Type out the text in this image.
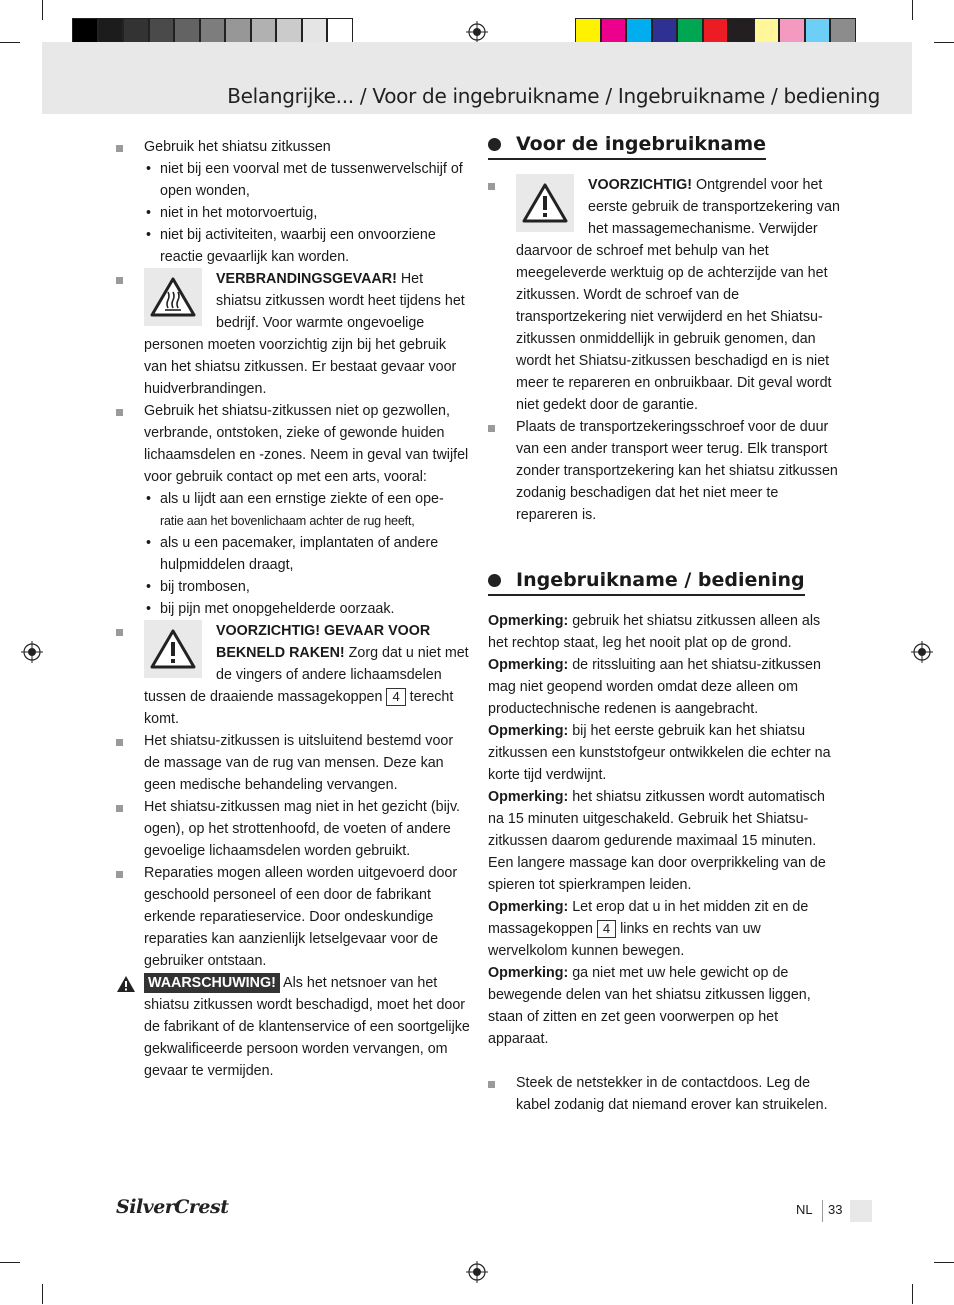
Belangrijke... / Voor de ingebruikname / Ingebruikname / bediening
Gebruik het shiatsu zitkussen
• niet bij een voorval met de tussenwervelschijf of open wonden,
• niet in het motorvoertuig,
• niet bij activiteiten, waarbij een onvoorziene reactie gevaarlijk kan worden.
VERBRANDINGSGEVAAR! Het shiatsu zitkussen wordt heet tijdens het bedrijf. Voor warmte ongevoelige personen moeten voorzichtig zijn bij het gebruik van het shiatsu zitkussen. Er bestaat gevaar voor huidverbrandingen.
Gebruik het shiatsu-zitkussen niet op gezwollen, verbrande, ontstoken, zieke of gewonde huiden lichaamsdelen en -zones. Neem in geval van twijfel voor gebruik contact op met een arts, vooral:
• als u lijdt aan een ernstige ziekte of een ope-
ratie aan het bovenlichaam achter de rug heeft,
• als u een pacemaker, implantaten of andere hulpmiddelen draagt,
• bij trombosen,
• bij pijn met onopgehelderde oorzaak.
VOORZICHTIG! GEVAAR VOOR BEKNELD RAKEN! Zorg dat u niet met de vingers of andere lichaamsdelen tussen de draaiende massagekoppen 4 terecht komt.
Het shiatsu-zitkussen is uitsluitend bestemd voor de massage van de rug van mensen. Deze kan geen medische behandeling vervangen.
Het shiatsu-zitkussen mag niet in het gezicht (bijv. ogen), op het strottenhoofd, de voeten of andere gevoelige lichaamsdelen worden gebruikt.
Reparaties mogen alleen worden uitgevoerd door geschoold personeel of een door de fabrikant erkende reparatieservice. Door ondeskundige reparaties kan aanzienlijk letselgevaar voor de gebruiker ontstaan.
WAARSCHUWING! Als het netsnoer van het shiatsu zitkussen wordt beschadigd, moet het door de fabrikant of de klantenservice of een soortgelijke gekwalificeerde persoon worden vervangen, om gevaar te vermijden.
Voor de ingebruikname
VOORZICHTIG! Ontgrendel voor het eerste gebruik de transportzekering van het massagemechanisme. Verwijder daarvoor de schroef met behulp van het meegeleverde werktuig op de achterzijde van het zitkussen. Wordt de schroef van de transportzekering niet verwijderd en het Shiatsu-zitkussen onmiddellijk in gebruik genomen, dan wordt het Shiatsu-zitkussen beschadigd en is niet meer te repareren en onbruikbaar. Dit geval wordt niet gedekt door de garantie.
Plaats de transportzekeringsschroef voor de duur van een ander transport weer terug. Elk transport zonder transportzekering kan het shiatsu zitkussen zodanig beschadigen dat het niet meer te repareren is.
Ingebruikname / bediening
Opmerking: gebruik het shiatsu zitkussen alleen als het rechtop staat, leg het nooit plat op de grond.
Opmerking: de ritssluiting aan het shiatsu-zitkussen mag niet geopend worden omdat deze alleen om productechnische redenen is aangebracht.
Opmerking: bij het eerste gebruik kan het shiatsu zitkussen een kunststofgeur ontwikkelen die echter na korte tijd verdwijnt.
Opmerking: het shiatsu zitkussen wordt automatisch na 15 minuten uitgeschakeld. Gebruik het Shiatsu-zitkussen daarom gedurende maximaal 15 minuten. Een langere massage kan door overprikkeling van de spieren tot spierkrampen leiden.
Opmerking: Let erop dat u in het midden zit en de massagekoppen 4 links en rechts van uw wervelkolom kunnen bewegen.
Opmerking: ga niet met uw hele gewicht op de bewegende delen van het shiatsu zitkussen liggen, staan of zitten en zet geen voorwerpen op het apparaat.
Steek de netstekker in de contactdoos. Leg de kabel zodanig dat niemand erover kan struikelen.
SilverCrest	NL 33
